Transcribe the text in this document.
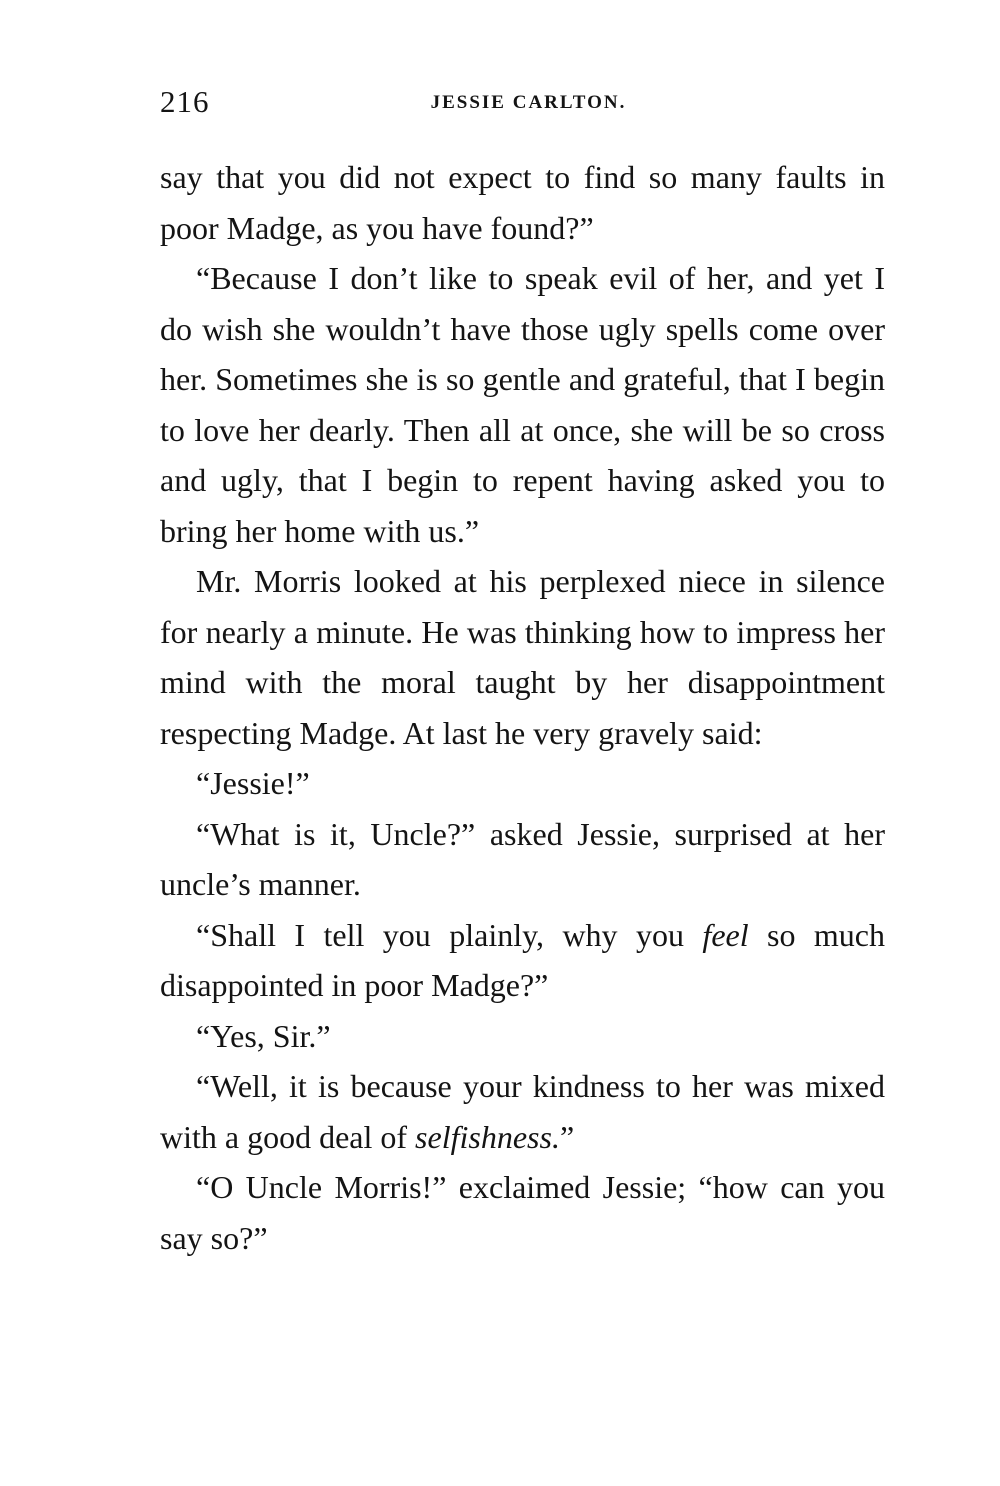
216	JESSIE CARLTON.

say that you did not expect to find so many faults in poor Madge, as you have found?”

“Because I don’t like to speak evil of her, and yet I do wish she wouldn’t have those ugly spells come over her. Sometimes she is so gentle and grateful, that I begin to love her dearly. Then all at once, she will be so cross and ugly, that I begin to repent having asked you to bring her home with us.”

Mr. Morris looked at his perplexed niece in silence for nearly a minute. He was thinking how to impress her mind with the moral taught by her disappointment respecting Madge. At last he very gravely said:

“Jessie!”

“What is it, Uncle?” asked Jessie, surprised at her uncle’s manner.

“Shall I tell you plainly, why you feel so much disappointed in poor Madge?”

“Yes, Sir.”

“Well, it is because your kindness to her was mixed with a good deal of selfishness.”

“O Uncle Morris!” exclaimed Jessie; “how can you say so?”
